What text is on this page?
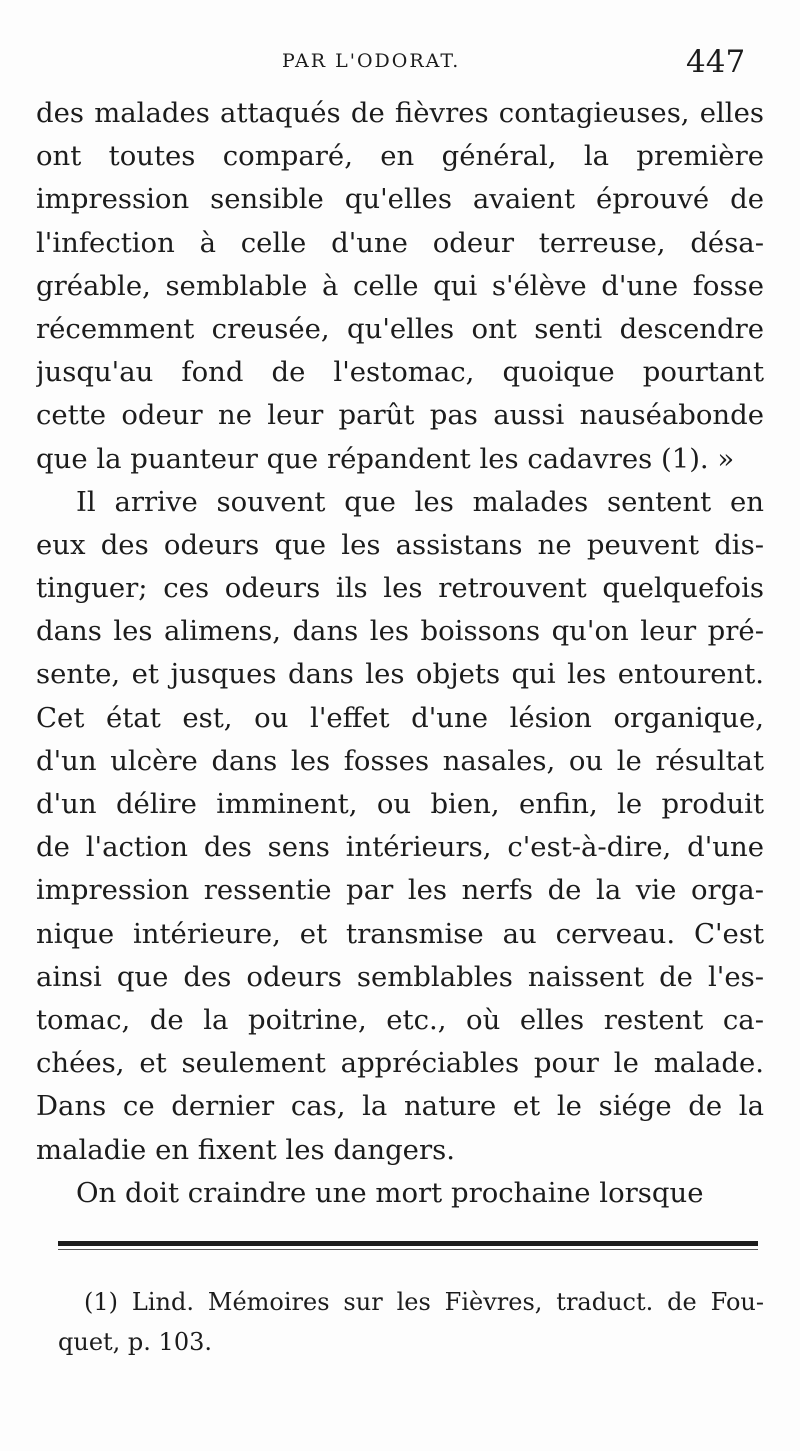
PAR L'ODORAT.	447
des malades attaqués de fièvres contagieuses, elles
ont toutes comparé, en général, la première
impression sensible qu'elles avaient éprouvé de
l'infection à celle d'une odeur terreuse, désa-
gréable, semblable à celle qui s'élève d'une fosse
récemment creusée, qu'elles ont senti descendre
jusqu'au fond de l'estomac, quoique pourtant
cette odeur ne leur parût pas aussi nauséabonde
que la puanteur que répandent les cadavres (1). »
Il arrive souvent que les malades sentent en
eux des odeurs que les assistans ne peuvent dis-
tinguer; ces odeurs ils les retrouvent quelquefois
dans les alimens, dans les boissons qu'on leur pré-
sente, et jusques dans les objets qui les entourent.
Cet état est, ou l'effet d'une lésion organique,
d'un ulcère dans les fosses nasales, ou le résultat
d'un délire imminent, ou bien, enfin, le produit
de l'action des sens intérieurs, c'est-à-dire, d'une
impression ressentie par les nerfs de la vie orga-
nique intérieure, et transmise au cerveau. C'est
ainsi que des odeurs semblables naissent de l'es-
tomac, de la poitrine, etc., où elles restent ca-
chées, et seulement appréciables pour le malade.
Dans ce dernier cas, la nature et le siége de la
maladie en fixent les dangers.
On doit craindre une mort prochaine lorsque
(1) Lind. Mémoires sur les Fièvres, traduct. de Fou-
quet, p. 103.
